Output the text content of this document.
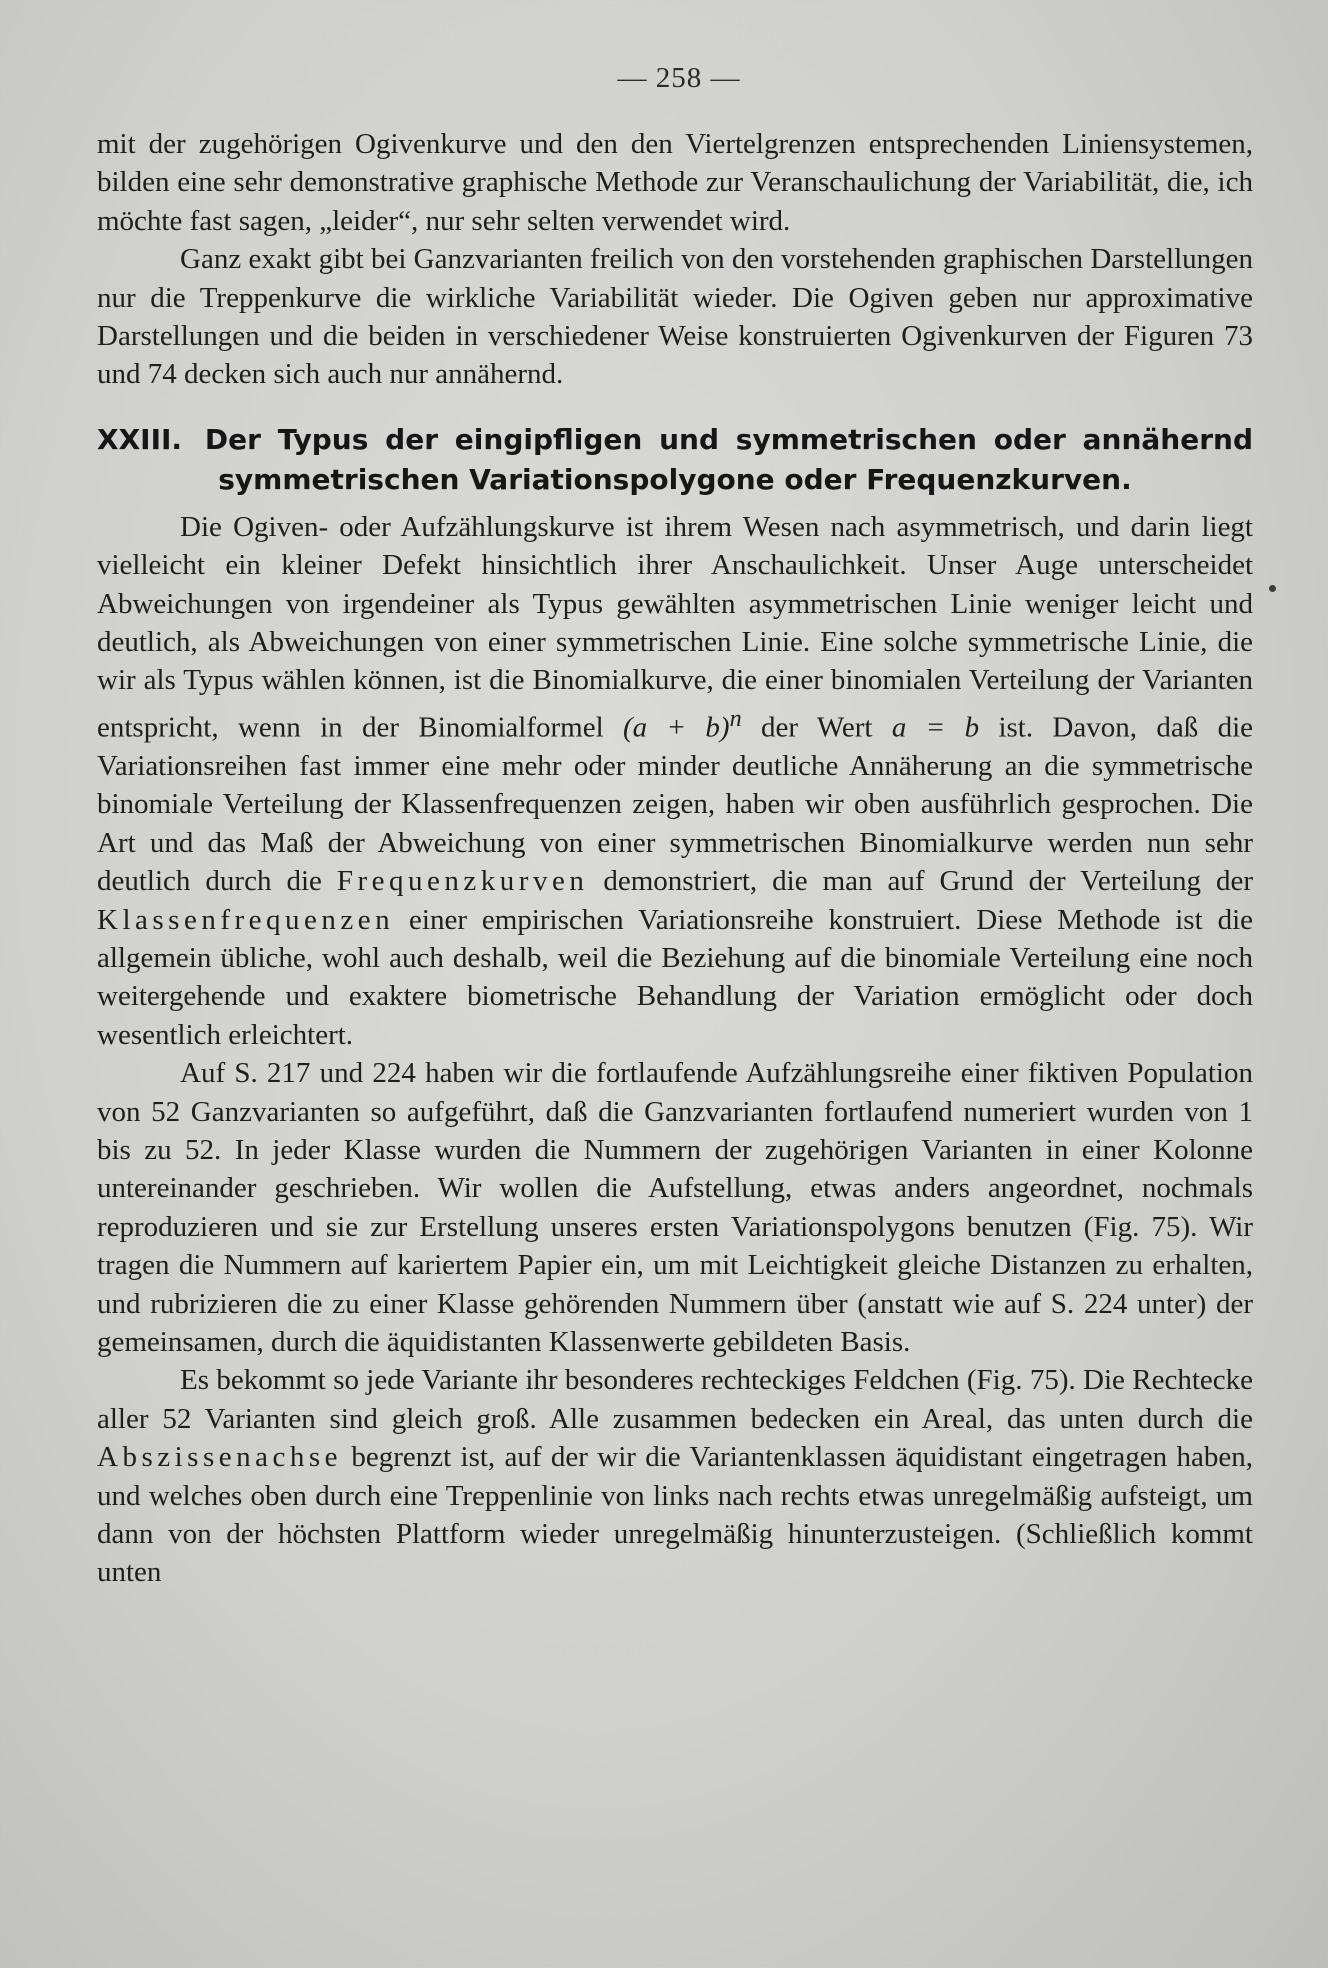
— 258 —

mit der zugehörigen Ogivenkurve und den den Viertelgrenzen entsprechenden Liniensystemen, bilden eine sehr demonstrative graphische Methode zur Veranschaulichung der Variabilität, die, ich möchte fast sagen, „leider“, nur sehr selten verwendet wird.

Ganz exakt gibt bei Ganzvarianten freilich von den vorstehenden graphischen Darstellungen nur die Treppenkurve die wirkliche Variabilität wieder. Die Ogiven geben nur approximative Darstellungen und die beiden in verschiedener Weise konstruierten Ogivenkurven der Figuren 73 und 74 decken sich auch nur annähernd.

XXIII. Der Typus der eingipfligen und symmetrischen oder annähernd
symmetrischen Variationspolygone oder Frequenzkurven.

Die Ogiven- oder Aufzählungskurve ist ihrem Wesen nach asymmetrisch, und darin liegt vielleicht ein kleiner Defekt hinsichtlich ihrer Anschaulichkeit. Unser Auge unterscheidet Abweichungen von irgendeiner als Typus gewählten asymmetrischen Linie weniger leicht und deutlich, als Abweichungen von einer symmetrischen Linie. Eine solche symmetrische Linie, die wir als Typus wählen können, ist die Binomialkurve, die einer binomialen Verteilung der Varianten entspricht, wenn in der Binomialformel $(a + b)^n$ der Wert a = b ist. Davon, daß die Variationsreihen fast immer eine mehr oder minder deutliche Annäherung an die symmetrische binomiale Verteilung der Klassenfrequenzen zeigen, haben wir oben ausführlich gesprochen. Die Art und das Maß der Abweichung von einer symmetrischen Binomialkurve werden nun sehr deutlich durch die Frequenzkurven demonstriert, die man auf Grund der Verteilung der Klassenfrequenzen einer empirischen Variationsreihe konstruiert. Diese Methode ist die allgemein übliche, wohl auch deshalb, weil die Beziehung auf die binomiale Verteilung eine noch weitergehende und exaktere biometrische Behandlung der Variation ermöglicht oder doch wesentlich erleichtert.

Auf S. 217 und 224 haben wir die fortlaufende Aufzählungsreihe einer fiktiven Population von 52 Ganzvarianten so aufgeführt, daß die Ganzvarianten fortlaufend numeriert wurden von 1 bis zu 52. In jeder Klasse wurden die Nummern der zugehörigen Varianten in einer Kolonne untereinander geschrieben. Wir wollen die Aufstellung, etwas anders angeordnet, nochmals reproduzieren und sie zur Erstellung unseres ersten Variationspolygons benutzen (Fig. 75). Wir tragen die Nummern auf kariertem Papier ein, um mit Leichtigkeit gleiche Distanzen zu erhalten, und rubrizieren die zu einer Klasse gehörenden Nummern über (anstatt wie auf S. 224 unter) der gemeinsamen, durch die äquidistanten Klassenwerte gebildeten Basis.

Es bekommt so jede Variante ihr besonderes rechteckiges Feldchen (Fig. 75). Die Rechtecke aller 52 Varianten sind gleich groß. Alle zusammen bedecken ein Areal, das unten durch die Abszissenachse begrenzt ist, auf der wir die Variantenklassen äquidistant eingetragen haben, und welches oben durch eine Treppenlinie von links nach rechts etwas unregelmäßig aufsteigt, um dann von der höchsten Plattform wieder unregelmäßig hinunterzusteigen. (Schließlich kommt unten
